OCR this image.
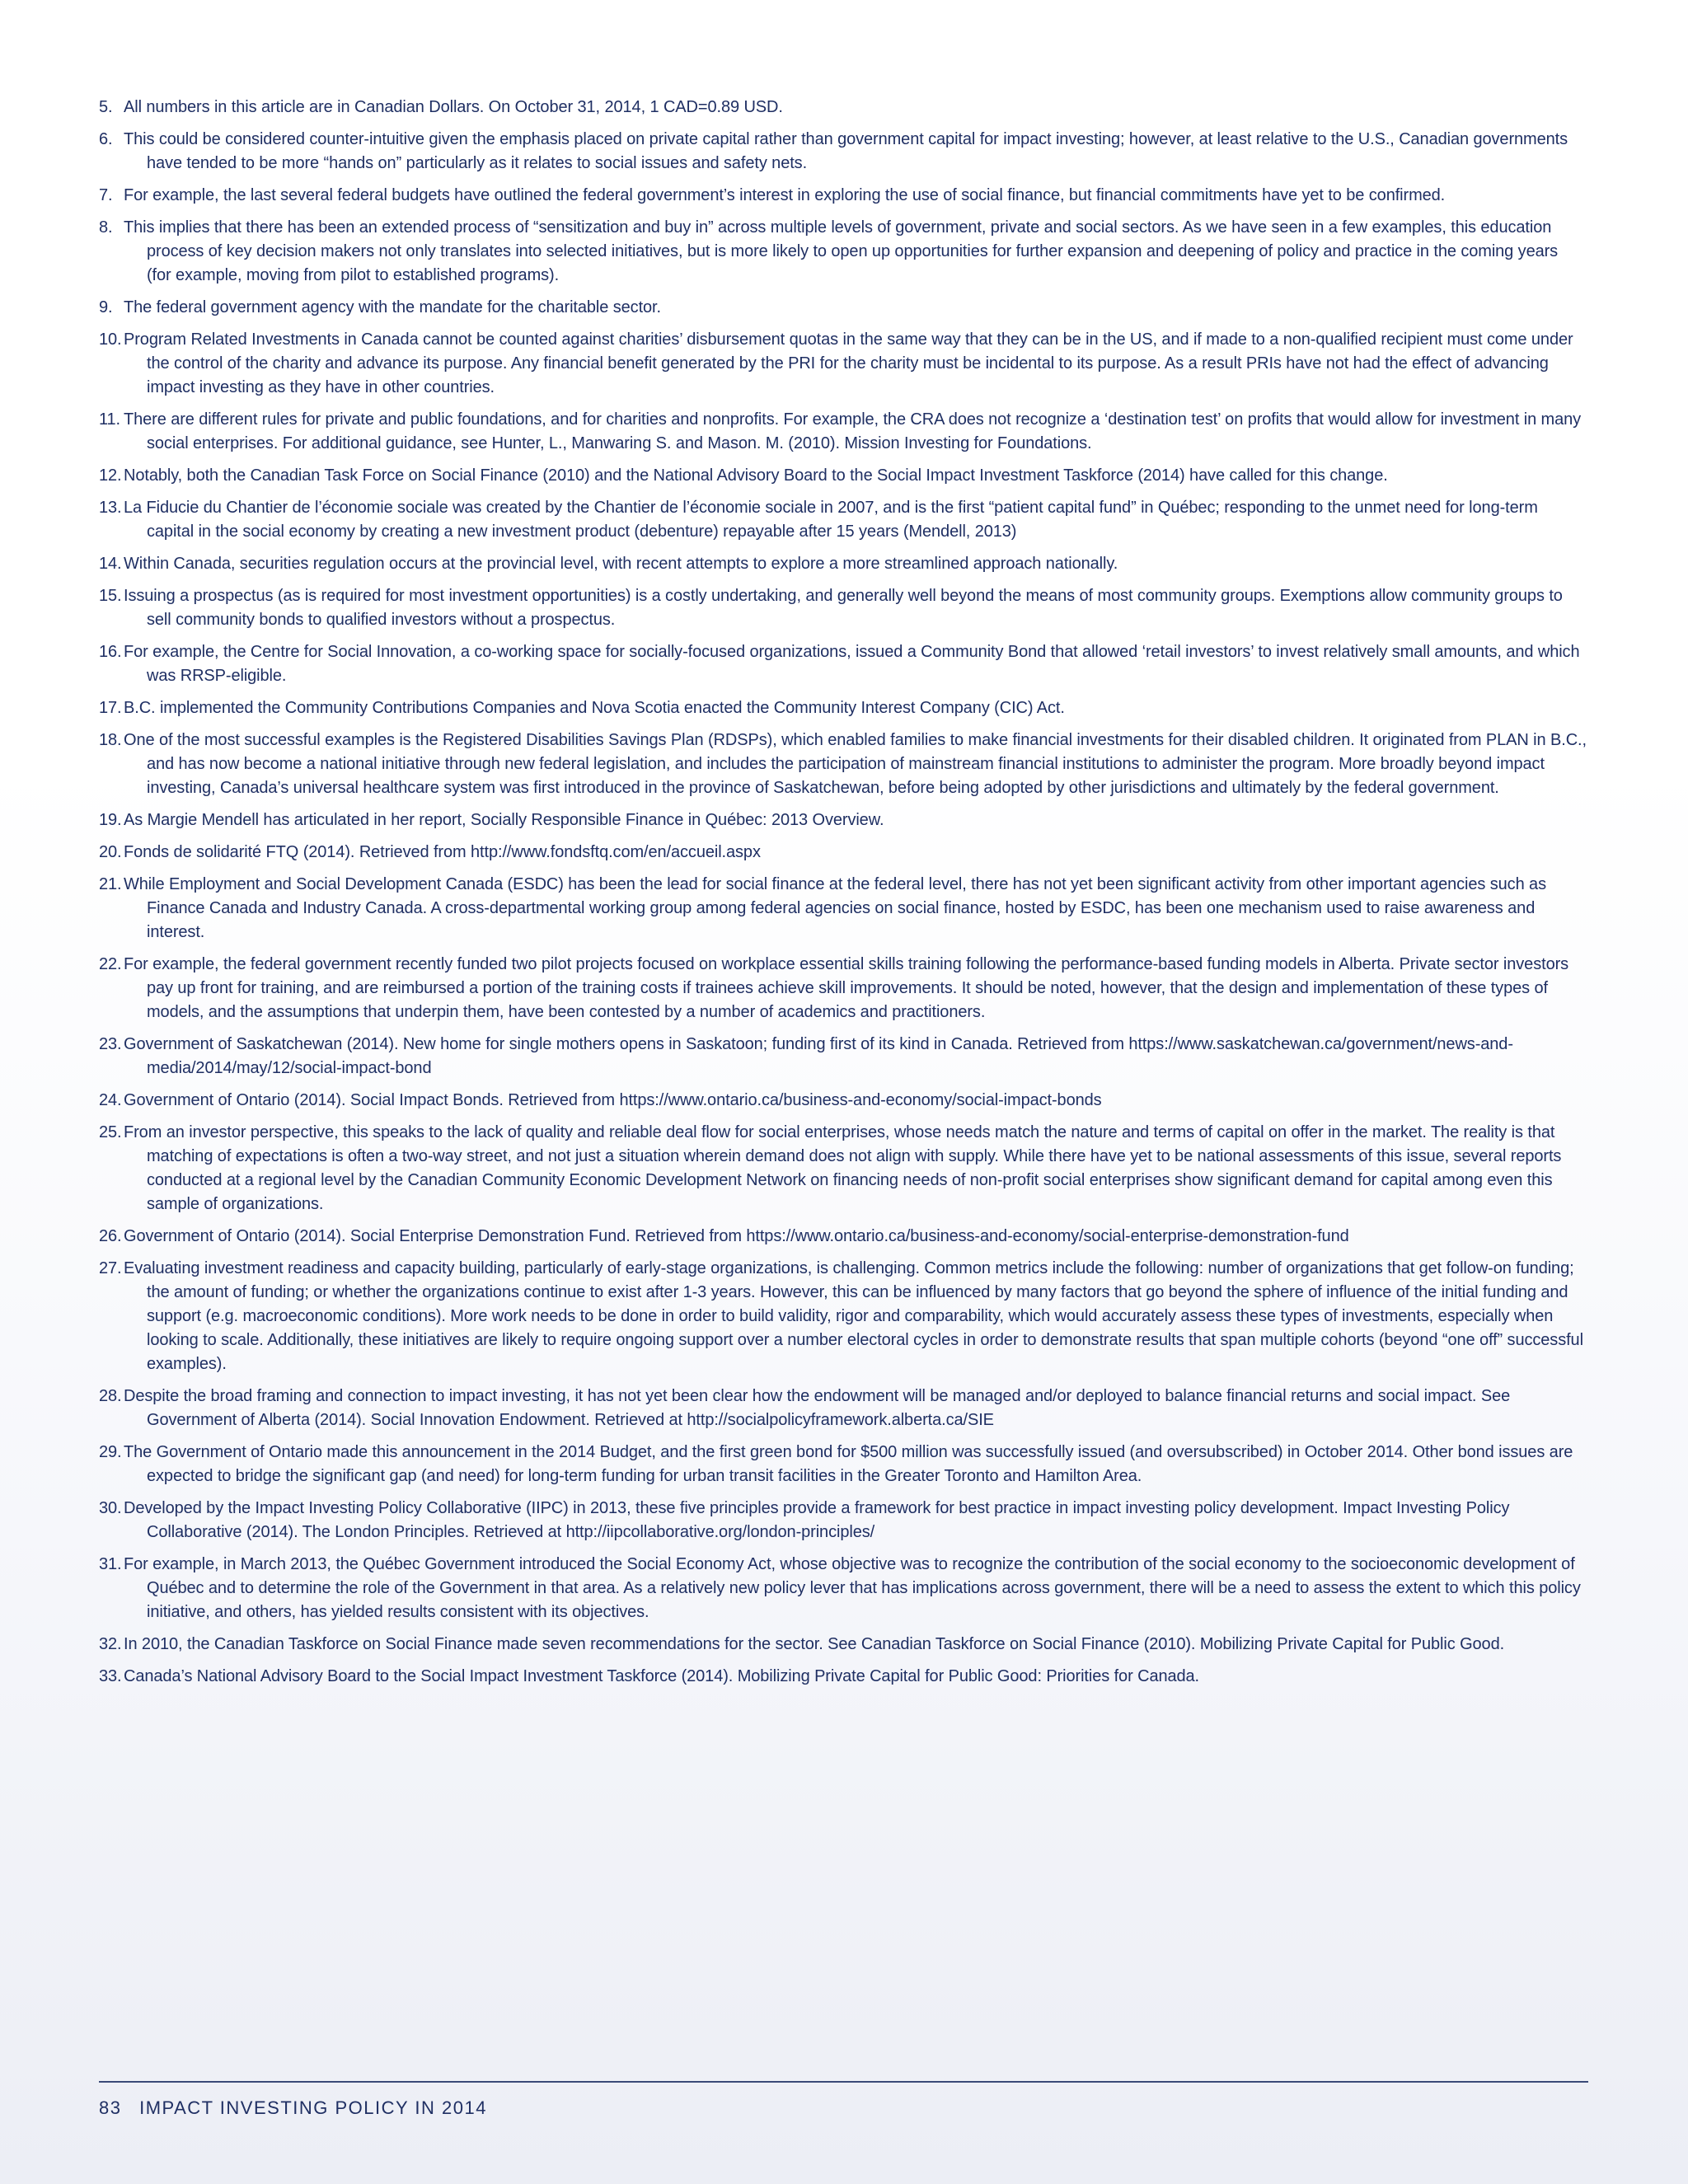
5. All numbers in this article are in Canadian Dollars. On October 31, 2014, 1 CAD=0.89 USD.
6. This could be considered counter-intuitive given the emphasis placed on private capital rather than government capital for impact investing; however, at least relative to the U.S., Canadian governments have tended to be more “hands on” particularly as it relates to social issues and safety nets.
7. For example, the last several federal budgets have outlined the federal government’s interest in exploring the use of social finance, but financial commitments have yet to be confirmed.
8. This implies that there has been an extended process of “sensitization and buy in” across multiple levels of government, private and social sectors. As we have seen in a few examples, this education process of key decision makers not only translates into selected initiatives, but is more likely to open up opportunities for further expansion and deepening of policy and practice in the coming years (for example, moving from pilot to established programs).
9. The federal government agency with the mandate for the charitable sector.
10. Program Related Investments in Canada cannot be counted against charities’ disbursement quotas in the same way that they can be in the US, and if made to a non-qualified recipient must come under the control of the charity and advance its purpose. Any financial benefit generated by the PRI for the charity must be incidental to its purpose. As a result PRIs have not had the effect of advancing impact investing as they have in other countries.
11. There are different rules for private and public foundations, and for charities and nonprofits. For example, the CRA does not recognize a ‘destination test’ on profits that would allow for investment in many social enterprises. For additional guidance, see Hunter, L., Manwaring S. and Mason. M. (2010). Mission Investing for Foundations.
12. Notably, both the Canadian Task Force on Social Finance (2010) and the National Advisory Board to the Social Impact Investment Taskforce (2014) have called for this change.
13. La Fiducie du Chantier de l’économie sociale was created by the Chantier de l’économie sociale in 2007, and is the first “patient capital fund” in Québec; responding to the unmet need for long-term capital in the social economy by creating a new investment product (debenture) repayable after 15 years (Mendell, 2013)
14. Within Canada, securities regulation occurs at the provincial level, with recent attempts to explore a more streamlined approach nationally.
15. Issuing a prospectus (as is required for most investment opportunities) is a costly undertaking, and generally well beyond the means of most community groups. Exemptions allow community groups to sell community bonds to qualified investors without a prospectus.
16. For example, the Centre for Social Innovation, a co-working space for socially-focused organizations, issued a Community Bond that allowed ‘retail investors’ to invest relatively small amounts, and which was RRSP-eligible.
17. B.C. implemented the Community Contributions Companies and Nova Scotia enacted the Community Interest Company (CIC) Act.
18. One of the most successful examples is the Registered Disabilities Savings Plan (RDSPs), which enabled families to make financial investments for their disabled children. It originated from PLAN in B.C., and has now become a national initiative through new federal legislation, and includes the participation of mainstream financial institutions to administer the program. More broadly beyond impact investing, Canada’s universal healthcare system was first introduced in the province of Saskatchewan, before being adopted by other jurisdictions and ultimately by the federal government.
19. As Margie Mendell has articulated in her report, Socially Responsible Finance in Québec: 2013 Overview.
20. Fonds de solidarité FTQ (2014). Retrieved from http://www.fondsftq.com/en/accueil.aspx
21. While Employment and Social Development Canada (ESDC) has been the lead for social finance at the federal level, there has not yet been significant activity from other important agencies such as Finance Canada and Industry Canada. A cross-departmental working group among federal agencies on social finance, hosted by ESDC, has been one mechanism used to raise awareness and interest.
22. For example, the federal government recently funded two pilot projects focused on workplace essential skills training following the performance-based funding models in Alberta. Private sector investors pay up front for training, and are reimbursed a portion of the training costs if trainees achieve skill improvements. It should be noted, however, that the design and implementation of these types of models, and the assumptions that underpin them, have been contested by a number of academics and practitioners.
23. Government of Saskatchewan (2014). New home for single mothers opens in Saskatoon; funding first of its kind in Canada. Retrieved from https://www.saskatchewan.ca/government/news-and-media/2014/may/12/social-impact-bond
24. Government of Ontario (2014). Social Impact Bonds. Retrieved from https://www.ontario.ca/business-and-economy/social-impact-bonds
25. From an investor perspective, this speaks to the lack of quality and reliable deal flow for social enterprises, whose needs match the nature and terms of capital on offer in the market. The reality is that matching of expectations is often a two-way street, and not just a situation wherein demand does not align with supply. While there have yet to be national assessments of this issue, several reports conducted at a regional level by the Canadian Community Economic Development Network on financing needs of non-profit social enterprises show significant demand for capital among even this sample of organizations.
26. Government of Ontario (2014). Social Enterprise Demonstration Fund. Retrieved from https://www.ontario.ca/business-and-economy/social-enterprise-demonstration-fund
27. Evaluating investment readiness and capacity building, particularly of early-stage organizations, is challenging. Common metrics include the following: number of organizations that get follow-on funding; the amount of funding; or whether the organizations continue to exist after 1-3 years. However, this can be influenced by many factors that go beyond the sphere of influence of the initial funding and support (e.g. macroeconomic conditions). More work needs to be done in order to build validity, rigor and comparability, which would accurately assess these types of investments, especially when looking to scale. Additionally, these initiatives are likely to require ongoing support over a number electoral cycles in order to demonstrate results that span multiple cohorts (beyond “one off” successful examples).
28. Despite the broad framing and connection to impact investing, it has not yet been clear how the endowment will be managed and/or deployed to balance financial returns and social impact. See Government of Alberta (2014). Social Innovation Endowment. Retrieved at http://socialpolicyframework.alberta.ca/SIE
29. The Government of Ontario made this announcement in the 2014 Budget, and the first green bond for $500 million was successfully issued (and oversubscribed) in October 2014. Other bond issues are expected to bridge the significant gap (and need) for long-term funding for urban transit facilities in the Greater Toronto and Hamilton Area.
30. Developed by the Impact Investing Policy Collaborative (IIPC) in 2013, these five principles provide a framework for best practice in impact investing policy development. Impact Investing Policy Collaborative (2014). The London Principles. Retrieved at http://iipcollaborative.org/london-principles/
31. For example, in March 2013, the Québec Government introduced the Social Economy Act, whose objective was to recognize the contribution of the social economy to the socioeconomic development of Québec and to determine the role of the Government in that area. As a relatively new policy lever that has implications across government, there will be a need to assess the extent to which this policy initiative, and others, has yielded results consistent with its objectives.
32. In 2010, the Canadian Taskforce on Social Finance made seven recommendations for the sector. See Canadian Taskforce on Social Finance (2010). Mobilizing Private Capital for Public Good.
33. Canada’s National Advisory Board to the Social Impact Investment Taskforce (2014). Mobilizing Private Capital for Public Good: Priorities for Canada.
83 IMPACT INVESTING POLICY IN 2014
